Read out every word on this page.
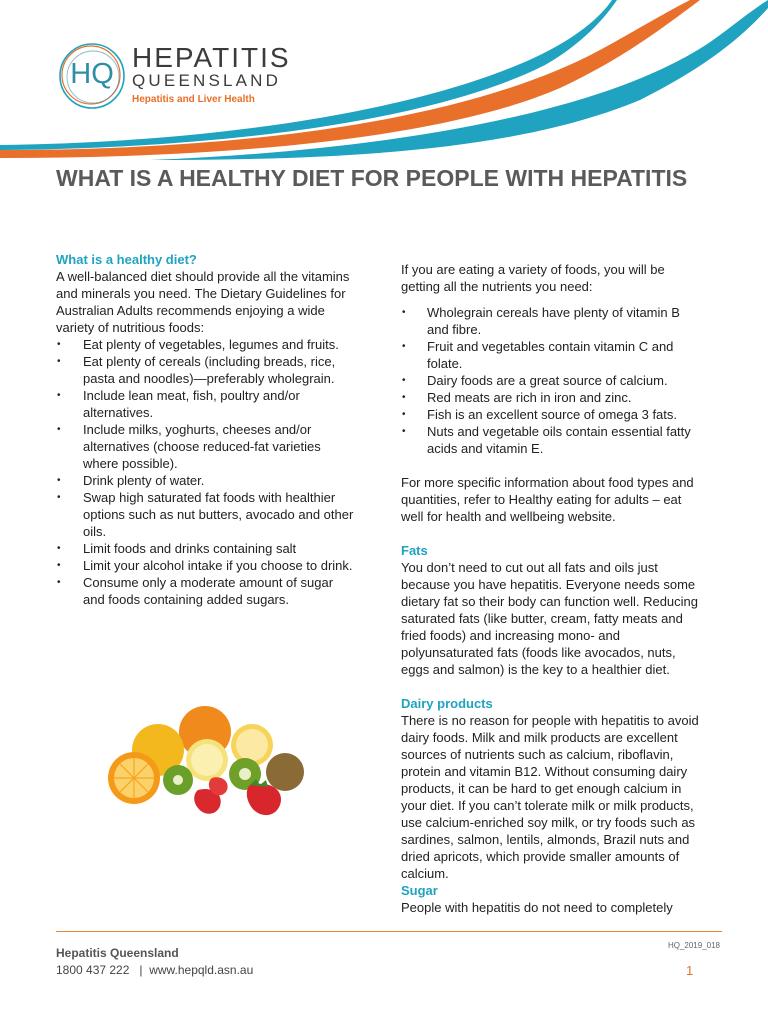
HQ
HEPATITIS
QUEENSLAND
Hepatitis and Liver Health
WHAT IS A HEALTHY DIET FOR PEOPLE WITH HEPATITIS

What is a healthy diet?

A well-balanced diet should provide all the vitamins and minerals you need. The Dietary Guidelines for Australian Adults recommends enjoying a wide variety of nutritious foods:

• Eat plenty of vegetables, legumes and fruits.
• Eat plenty of cereals (including breads, rice, pasta and noodles)—preferably wholegrain.
• Include lean meat, fish, poultry and/or alternatives.
• Include milks, yoghurts, cheeses and/or alternatives (choose reduced-fat varieties where possible).
• Drink plenty of water.
• Swap high saturated fat foods with healthier options such as nut butters, avocado and other oils.
• Limit foods and drinks containing salt
• Limit your alcohol intake if you choose to drink.
• Consume only a moderate amount of sugar and foods containing added sugars.

If you are eating a variety of foods, you will be getting all the nutrients you need:

• Wholegrain cereals have plenty of vitamin B and fibre.
• Fruit and vegetables contain vitamin C and folate.
• Dairy foods are a great source of calcium.
• Red meats are rich in iron and zinc.
• Fish is an excellent source of omega 3 fats.
• Nuts and vegetable oils contain essential fatty acids and vitamin E.

For more specific information about food types and quantities, refer to Healthy eating for adults – eat well for health and wellbeing website.

Fats

You don’t need to cut out all fats and oils just because you have hepatitis. Everyone needs some dietary fat so their body can function well. Reducing saturated fats (like butter, cream, fatty meats and fried foods) and increasing mono- and polyunsaturated fats (foods like avocados, nuts, eggs and salmon) is the key to a healthier diet.

Dairy products

There is no reason for people with hepatitis to avoid dairy foods. Milk and milk products are excellent sources of nutrients such as calcium, riboflavin, protein and vitamin B12. Without consuming dairy products, it can be hard to get enough calcium in your diet. If you can’t tolerate milk or milk products, use calcium-enriched soy milk, or try foods such as sardines, salmon, lentils, almonds, Brazil nuts and dried apricots, which provide smaller amounts of calcium.

Sugar

People with hepatitis do not need to completely

HQ_2019_018
Hepatitis Queensland
1800 437 222   |  www.hepqld.asn.au	1
